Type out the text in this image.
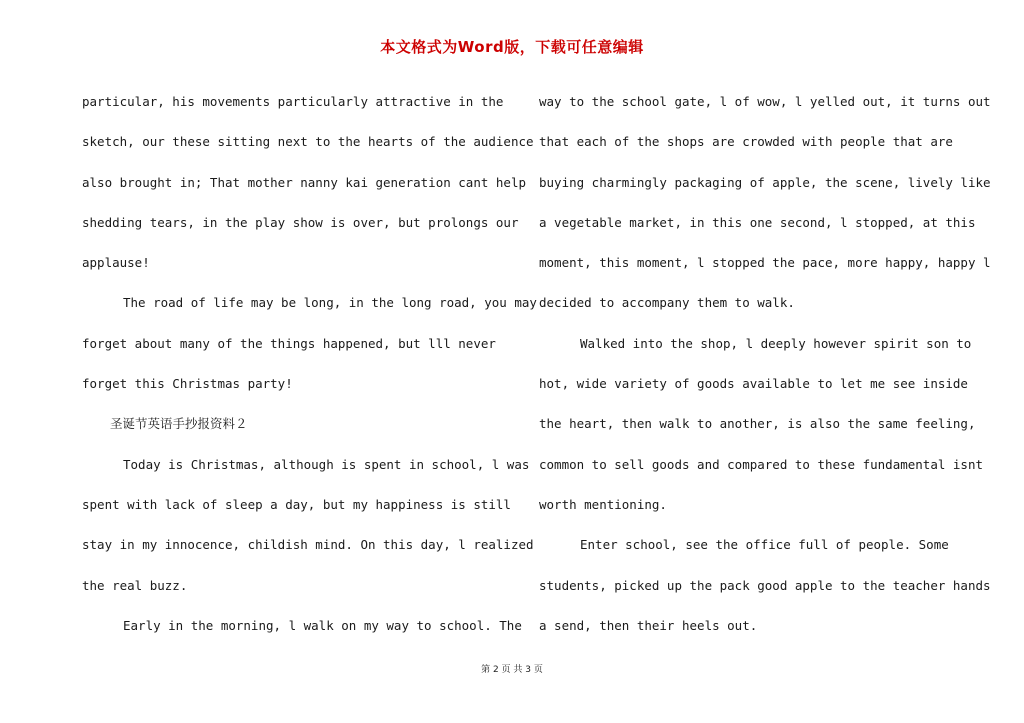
本文格式为Word版，下载可任意编辑
particular, his movements particularly attractive in the
sketch, our these sitting next to the hearts of the audience
also brought in; That mother nanny kai generation cant help
shedding tears, in the play show is over, but prolongs our
applause!
The road of life may be long, in the long road, you may
forget about many of the things happened, but lll never
forget this Christmas party!
圣诞节英语手抄报资料２
Today is Christmas, although is spent in school, l was
spent with lack of sleep a day, but my happiness is still
stay in my innocence, childish mind. On this day, l realized
the real buzz.
Early in the morning, l walk on my way to school. The
way to the school gate, l of wow, l yelled out, it turns out
that each of the shops are crowded with people that are
buying charmingly packaging of apple, the scene, lively like
a vegetable market, in this one second, l stopped, at this
moment, this moment, l stopped the pace, more happy, happy l
decided to accompany them to walk.
Walked into the shop, l deeply however spirit son to
hot, wide variety of goods available to let me see inside
the heart, then walk to another, is also the same feeling,
common to sell goods and compared to these fundamental isnt
worth mentioning.
Enter school, see the office full of people. Some
students, picked up the pack good apple to the teacher hands
a send, then their heels out.
第 2 页 共 3 页
